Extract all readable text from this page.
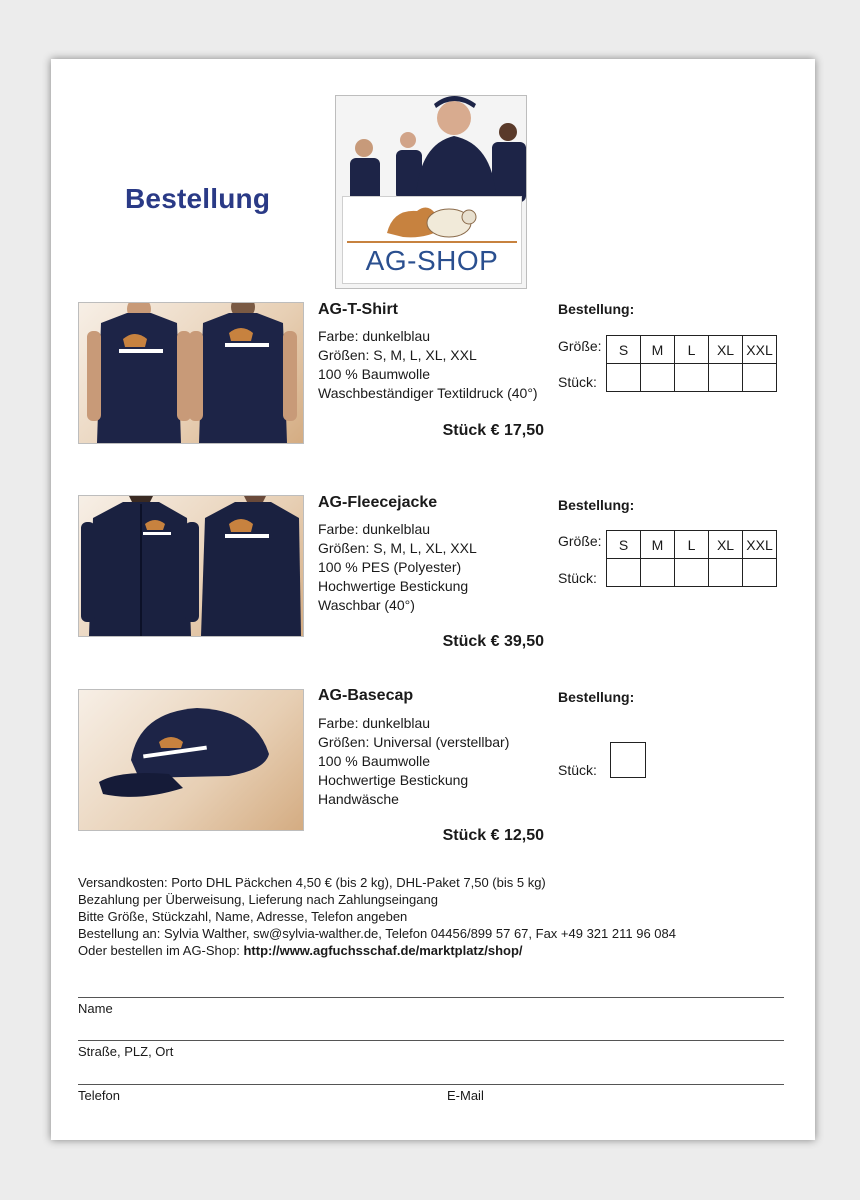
Bestellung
AG-SHOP
AG-T-Shirt
Farbe: dunkelblau
Größen: S, M, L, XL, XXL
100 % Baumwolle
Waschbeständiger Textildruck (40°)
Stück € 17,50
Bestellung:
Größe:
Stück:
S	M	L	XL	XXL

AG-Fleecejacke
Farbe: dunkelblau
Größen: S, M, L, XL, XXL
100 % PES (Polyester)
Hochwertige Bestickung
Waschbar (40°)
Stück € 39,50
Bestellung:
Größe:
Stück:
S	M	L	XL	XXL

AG-Basecap
Farbe: dunkelblau
Größen: Universal (verstellbar)
100 % Baumwolle
Hochwertige Bestickung
Handwäsche
Stück € 12,50
Bestellung:
Stück:
Versandkosten: Porto DHL Päckchen 4,50 € (bis 2 kg), DHL-Paket 7,50 (bis 5 kg)
Bezahlung per Überweisung, Lieferung nach Zahlungseingang
Bitte Größe, Stückzahl, Name, Adresse, Telefon angeben
Bestellung an: Sylvia Walther, sw@sylvia-walther.de, Telefon 04456/899 57 67, Fax +49 321 211 96 084
Oder bestellen im AG-Shop: http://www.agfuchsschaf.de/marktplatz/shop/
Name
Straße, PLZ, Ort
Telefon	E-Mail
